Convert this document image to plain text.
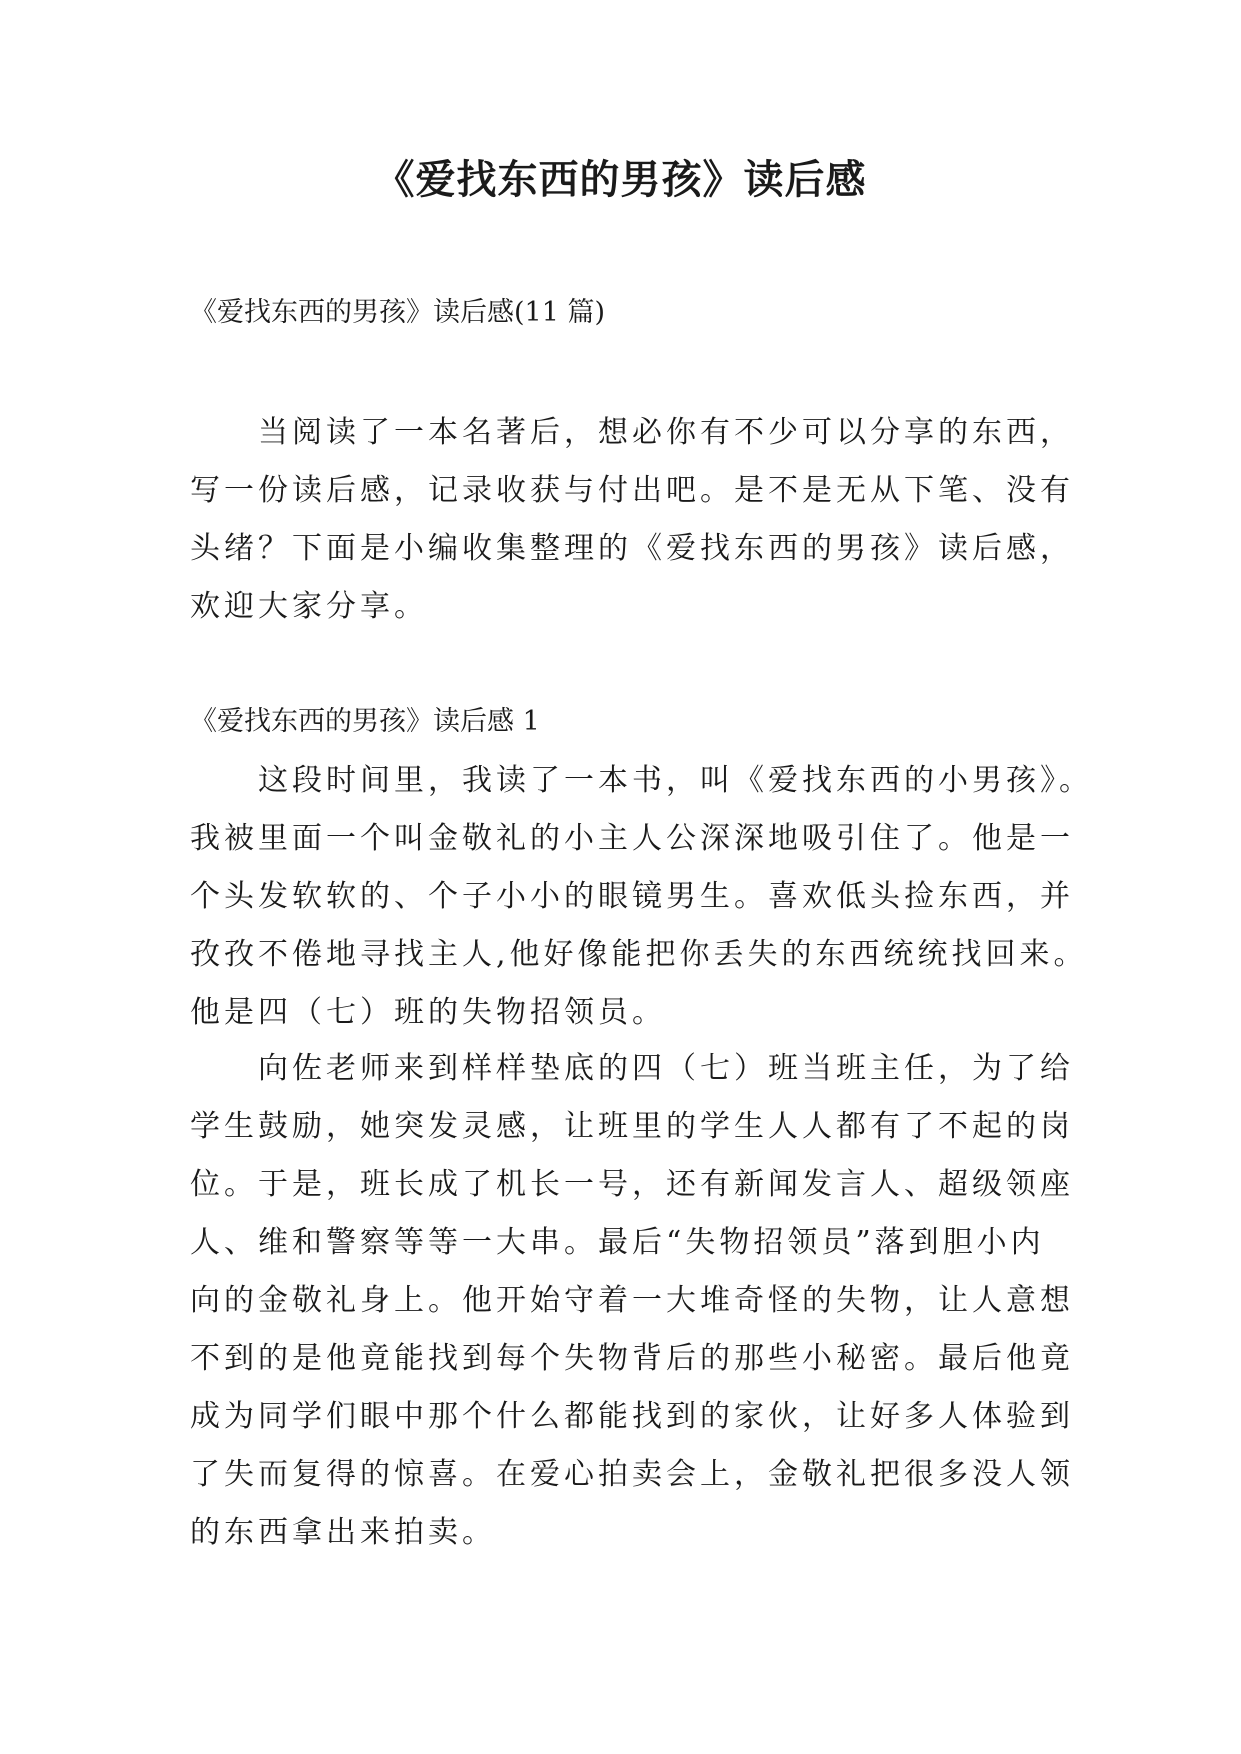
《爱找东西的男孩》读后感
《爱找东西的男孩》读后感(11 篇)
　　当阅读了一本名著后，想必你有不少可以分享的东西，
写一份读后感，记录收获与付出吧。是不是无从下笔、没有
头绪？下面是小编收集整理的《爱找东西的男孩》读后感，
欢迎大家分享。
《爱找东西的男孩》读后感 1
　　这段时间里，我读了一本书，叫《爱找东西的小男孩》。
我被里面一个叫金敬礼的小主人公深深地吸引住了。他是一
个头发软软的、个子小小的眼镜男生。喜欢低头捡东西，并
孜孜不倦地寻找主人,他好像能把你丢失的东西统统找回来。
他是四（七）班的失物招领员。
　　向佐老师来到样样垫底的四（七）班当班主任，为了给
学生鼓励，她突发灵感，让班里的学生人人都有了不起的岗
位。于是，班长成了机长一号，还有新闻发言人、超级领座
人、维和警察等等一大串。最后“失物招领员”落到胆小内
向的金敬礼身上。他开始守着一大堆奇怪的失物，让人意想
不到的是他竟能找到每个失物背后的那些小秘密。最后他竟
成为同学们眼中那个什么都能找到的家伙，让好多人体验到
了失而复得的惊喜。在爱心拍卖会上，金敬礼把很多没人领
的东西拿出来拍卖。
